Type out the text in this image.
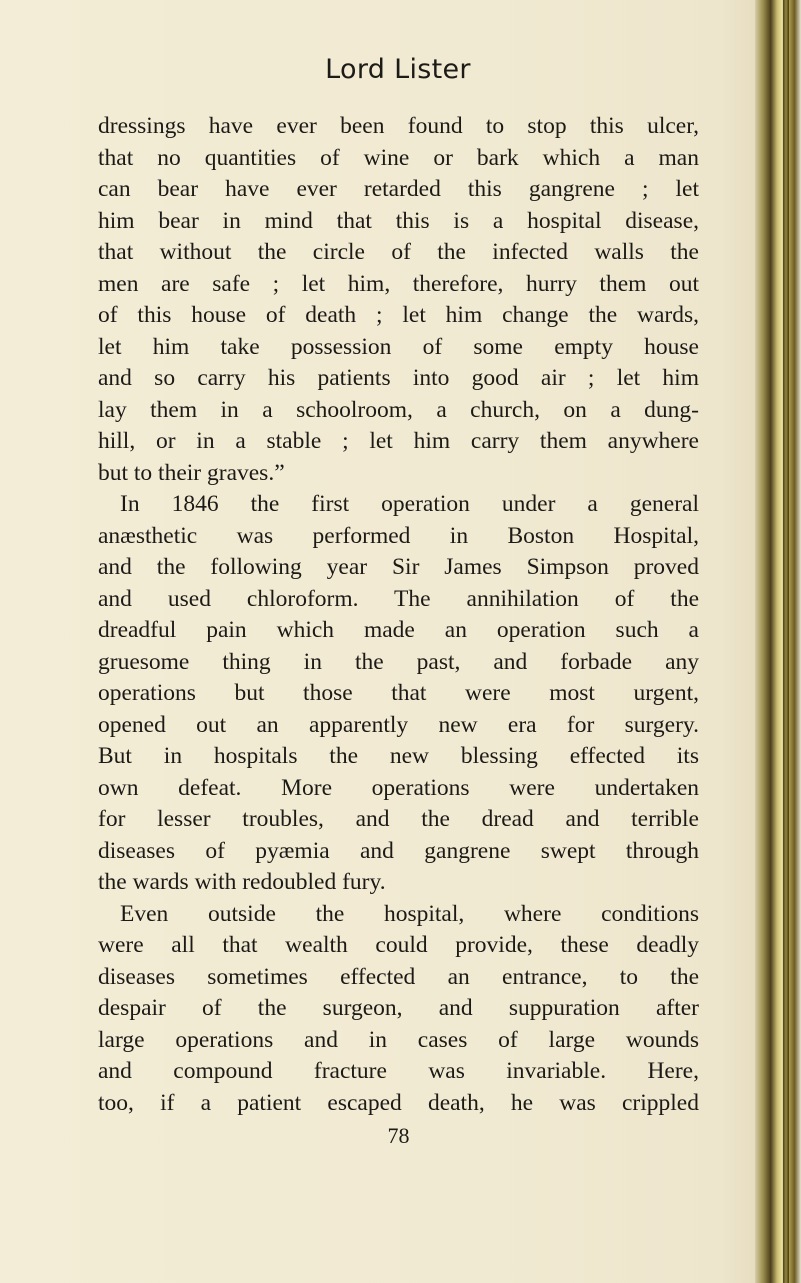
Lord Lister
dressings have ever been found to stop this ulcer,
that no quantities of wine or bark which a man
can bear have ever retarded this gangrene ; let
him bear in mind that this is a hospital disease,
that without the circle of the infected walls the
men are safe ; let him, therefore, hurry them out
of this house of death ; let him change the wards,
let him take possession of some empty house
and so carry his patients into good air ; let him
lay them in a schoolroom, a church, on a dung-
hill, or in a stable ; let him carry them anywhere
but to their graves.”
In 1846 the first operation under a general
anæsthetic was performed in Boston Hospital,
and the following year Sir James Simpson proved
and used chloroform. The annihilation of the
dreadful pain which made an operation such a
gruesome thing in the past, and forbade any
operations but those that were most urgent,
opened out an apparently new era for surgery.
But in hospitals the new blessing effected its
own defeat. More operations were undertaken
for lesser troubles, and the dread and terrible
diseases of pyæmia and gangrene swept through
the wards with redoubled fury.
Even outside the hospital, where conditions
were all that wealth could provide, these deadly
diseases sometimes effected an entrance, to the
despair of the surgeon, and suppuration after
large operations and in cases of large wounds
and compound fracture was invariable. Here,
too, if a patient escaped death, he was crippled
78
